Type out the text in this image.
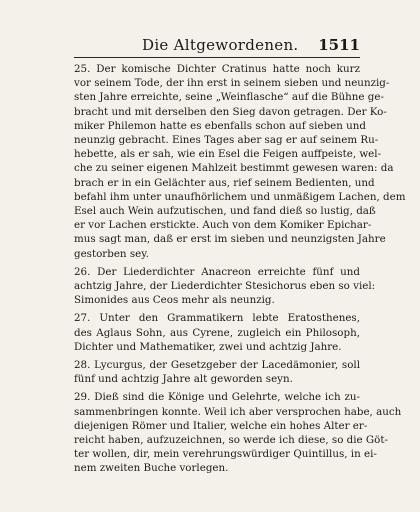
Die Altgewordenen. 1511

25. Der komische Dichter Cratinus hatte noch kurz

vor seinem Tode, der ihn erst in seinem sieben und neunzig-

sten Jahre erreichte, seine „Weinflasche“ auf die Bühne ge-

bracht und mit derselben den Sieg davon getragen. Der Ko-

miker Philemon hatte es ebenfalls schon auf sieben und

neunzig gebracht. Eines Tages aber sag er auf seinem Ru-

hebette, als er sah, wie ein Esel die Feigen auffpeiste, wel-

che zu seiner eigenen Mahlzeit bestimmt gewesen waren: da

brach er in ein Gelächter aus, rief seinem Bedienten, und

befahl ihm unter unaufhörlichem und unmäßigem Lachen, dem

Esel auch Wein aufzutischen, und fand dieß so lustig, daß

er vor Lachen erstickte. Auch von dem Komiker Epichar-

mus sagt man, daß er erst im sieben und neunzigsten Jahre

gestorben sey.

26. Der Liederdichter Anacreon erreichte fünf und

achtzig Jahre, der Liederdichter Stesichorus eben so viel:

Simonides aus Ceos mehr als neunzig.

27. Unter den Grammatikern lebte Eratosthenes,

des Aglaus Sohn, aus Cyrene, zugleich ein Philosoph,

Dichter und Mathematiker, zwei und achtzig Jahre.

28. Lycurgus, der Gesetzgeber der Lacedämonier, soll

fünf und achtzig Jahre alt geworden seyn.

29. Dieß sind die Könige und Gelehrte, welche ich zu-

sammenbringen konnte. Weil ich aber versprochen habe, auch

diejenigen Römer und Italier, welche ein hohes Alter er-

reicht haben, aufzuzeichnen, so werde ich diese, so die Göt-

ter wollen, dir, mein verehrungswürdiger Quintillus, in ei-

nem zweiten Buche vorlegen.
